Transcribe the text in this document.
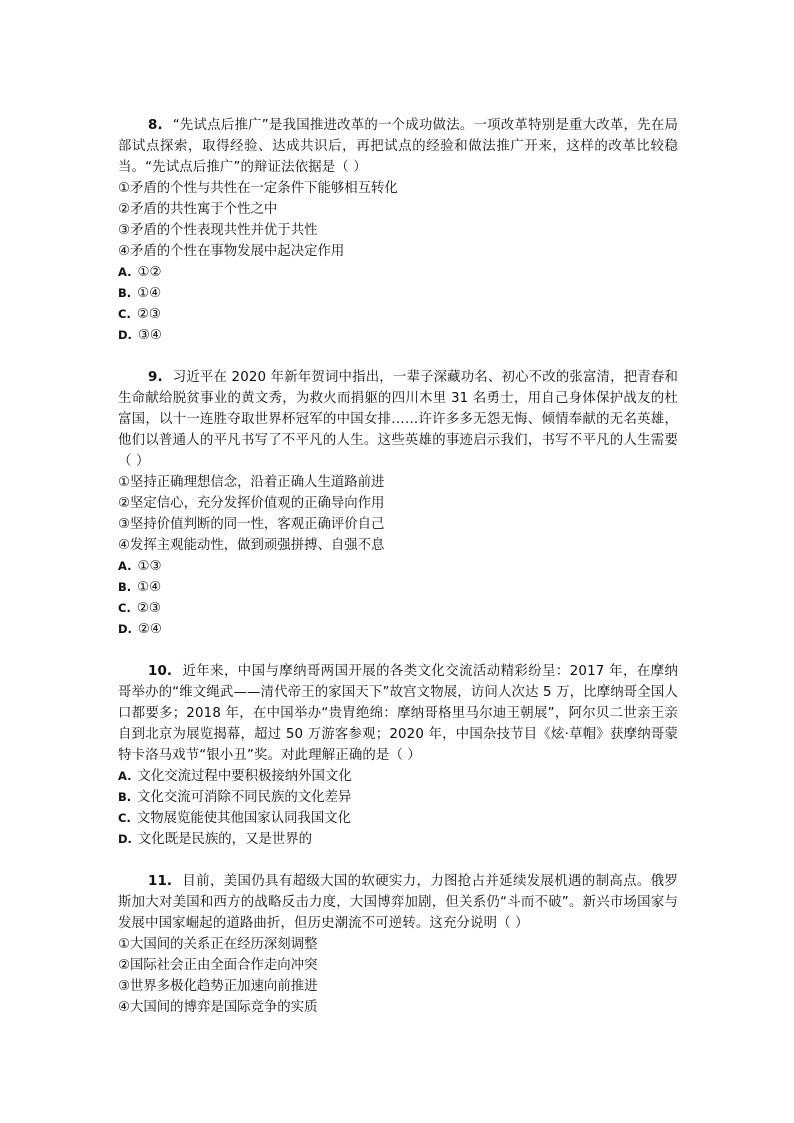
8. “先试点后推广”是我国推进改革的一个成功做法。一项改革特别是重大改革，先在局部试点探索，取得经验、达成共识后，再把试点的经验和做法推广开来，这样的改革比较稳当。“先试点后推广”的辩证法依据是（ ）

①矛盾的个性与共性在一定条件下能够相互转化

②矛盾的共性寓于个性之中

③矛盾的个性表现共性并优于共性

④矛盾的个性在事物发展中起决定作用

A. ①②

B. ①④

C. ②③

D. ③④

9. 习近平在 2020 年新年贺词中指出，一辈子深藏功名、初心不改的张富清，把青春和生命献给脱贫事业的黄文秀，为救火而捐躯的四川木里 31 名勇士，用自己身体保护战友的杜富国，以十一连胜夺取世界杯冠军的中国女排……许许多多无怨无悔、倾情奉献的无名英雄，他们以普通人的平凡书写了不平凡的人生。这些英雄的事迹启示我们，书写不平凡的人生需要（ ）

①坚持正确理想信念，沿着正确人生道路前进

②坚定信心，充分发挥价值观的正确导向作用

③坚持价值判断的同一性，客观正确评价自己

④发挥主观能动性，做到顽强拼搏、自强不息

A. ①③

B. ①④

C. ②③

D. ②④

10. 近年来，中国与摩纳哥两国开展的各类文化交流活动精彩纷呈：2017 年，在摩纳哥举办的“维文绳武——清代帝王的家国天下”故宫文物展，访问人次达 5 万，比摩纳哥全国人口都要多；2018 年，在中国举办“贵胄绝绵：摩纳哥格里马尔迪王朝展”，阿尔贝二世亲王亲自到北京为展览揭幕，超过 50 万游客参观；2020 年，中国杂技节目《炫·草帽》获摩纳哥蒙特卡洛马戏节“银小丑”奖。对此理解正确的是（ ）

A. 文化交流过程中要积极接纳外国文化

B. 文化交流可消除不同民族的文化差异

C. 文物展览能使其他国家认同我国文化

D. 文化既是民族的，又是世界的

11. 目前，美国仍具有超级大国的软硬实力，力图抢占并延续发展机遇的制高点。俄罗斯加大对美国和西方的战略反击力度，大国博弈加剧，但关系仍“斗而不破”。新兴市场国家与发展中国家崛起的道路曲折，但历史潮流不可逆转。这充分说明（ ）

①大国间的关系正在经历深刻调整

②国际社会正由全面合作走向冲突

③世界多极化趋势正加速向前推进

④大国间的博弈是国际竞争的实质
